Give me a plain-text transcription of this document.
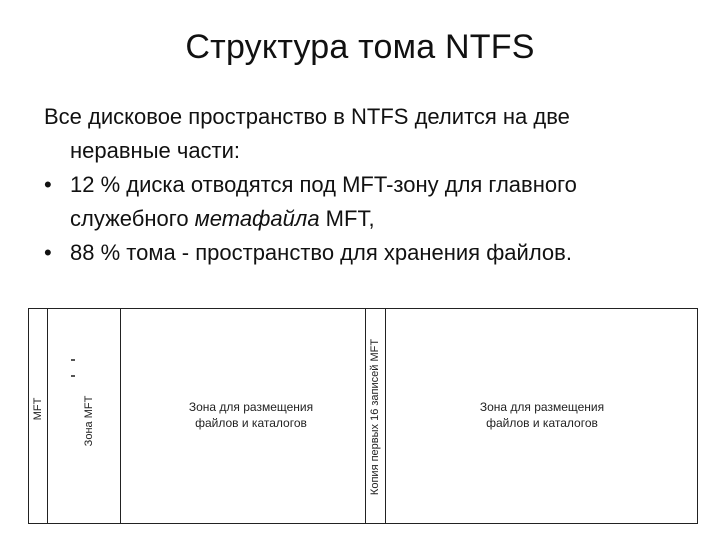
Структура тома NTFS
Все дисковое пространство в NTFS делится на две
неравные части:
• 12 % диска отводятся под MFT-зону для главного
служебного метафайла MFT,
• 88 % тома - пространство для хранения файлов.
MFT	Зона MFT	Зона для размещения
файлов и каталогов	Копия первых 16 записей MFT	Зона для размещения
файлов и каталогов
